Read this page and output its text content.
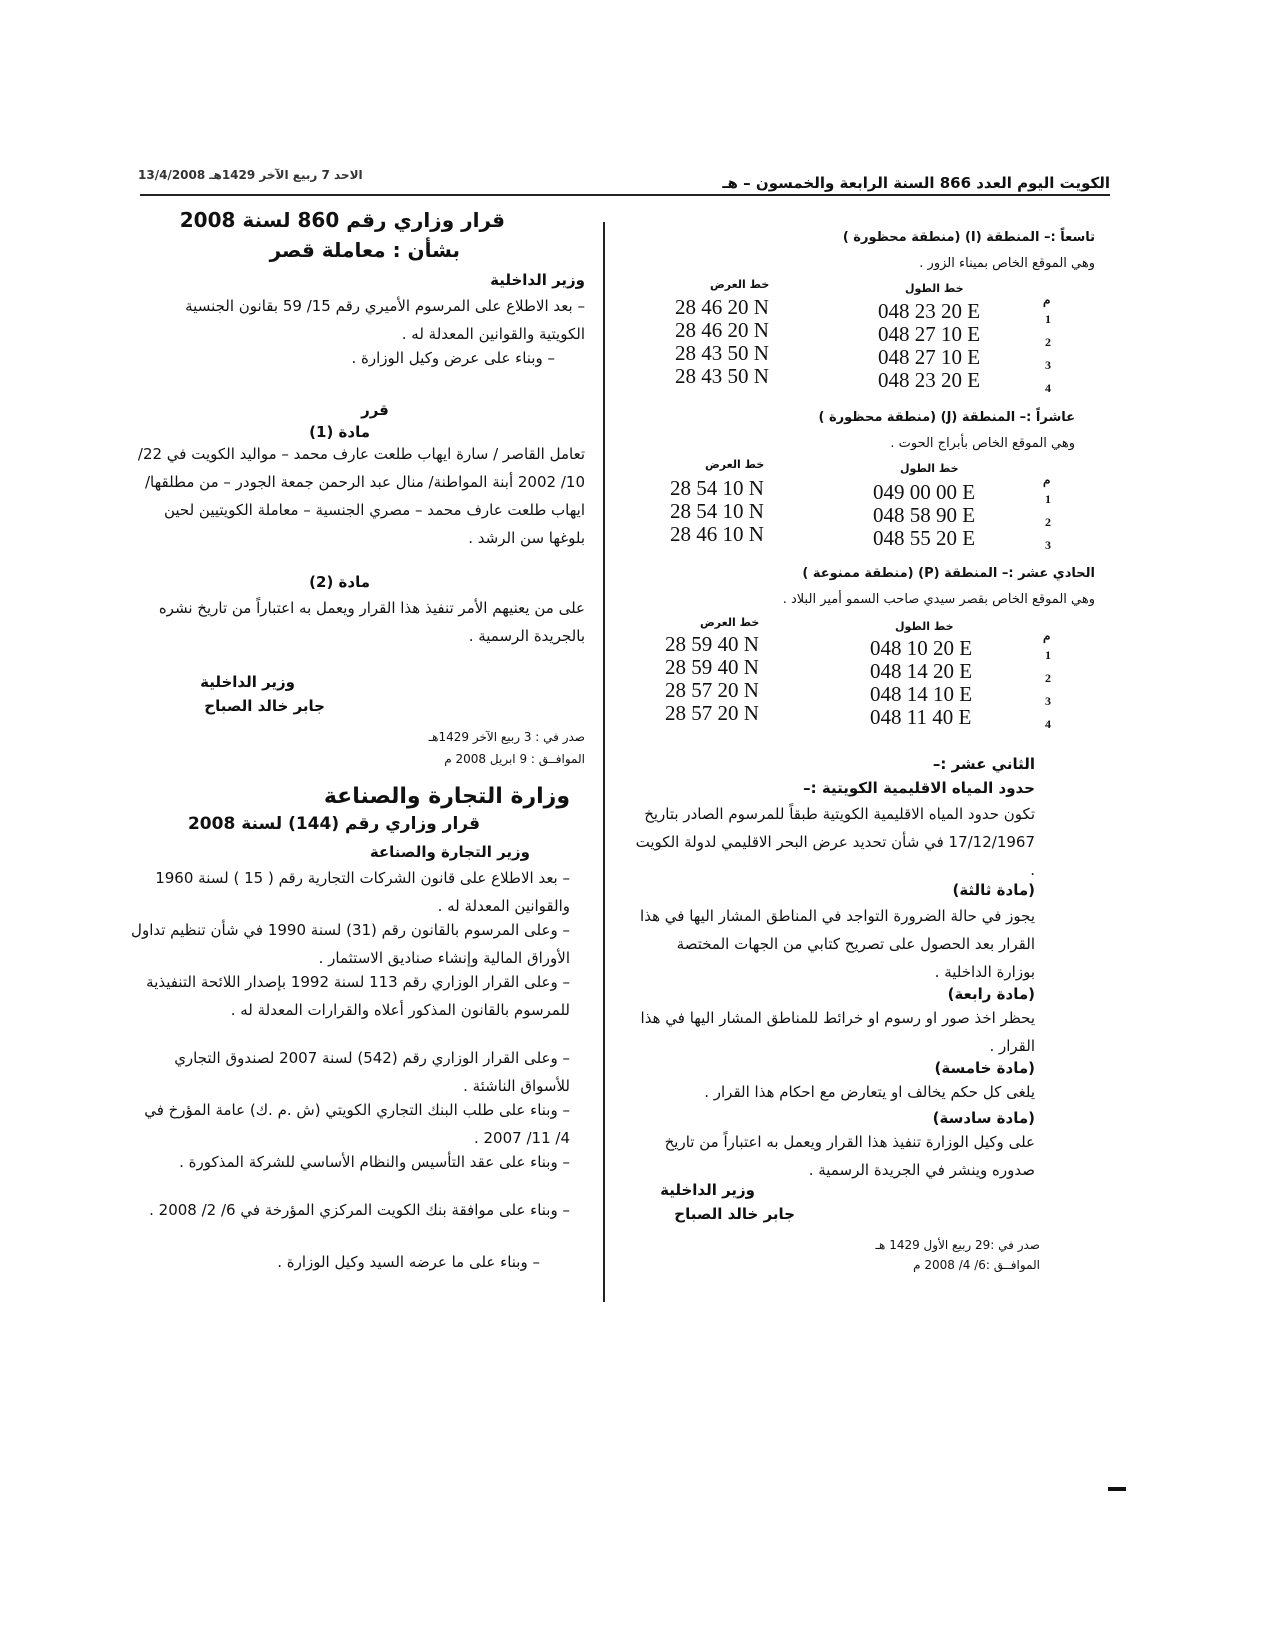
الكويت اليوم العدد 866 السنة الرابعة والخمسون – هـ
الاحد 7 ربيع الآخر 1429هـ 13/4/2008
تاسعاً :– المنطقة (I) (منطقة محظورة )
وهي الموقع الخاص بميناء الزور .
م
خط الطول
خط العرض
1
048 23 20 E
28 46 20 N
2
048 27 10 E
28 46 20 N
3
048 27 10 E
28 43 50 N
4
048 23 20 E
28 43 50 N
عاشراً :– المنطقة (J) (منطقة محظورة )
وهي الموقع الخاص بأبراج الحوت .
م
خط الطول
خط العرض
1
049 00 00 E
28 54 10 N
2
048 58 90 E
28 54 10 N
3
048 55 20 E
28 46 10 N
الحادي عشر :– المنطقة (P) (منطقة ممنوعة )
وهي الموقع الخاص بقصر سيدي صاحب السمو أمير البلاد .
م
خط الطول
خط العرض
1
048 10 20 E
28 59 40 N
2
048 14 20 E
28 59 40 N
3
048 14 10 E
28 57 20 N
4
048 11 40 E
28 57 20 N
الثاني عشر :–
حدود المياه الاقليمية الكويتية :–
تكون حدود المياه الاقليمية الكويتية طبقاً للمرسوم الصادر بتاريخ 17/12/1967 في شأن تحديد عرض البحر الاقليمي لدولة الكويت .
(مادة ثالثة)
يجوز في حالة الضرورة التواجد في المناطق المشار اليها في هذا القرار بعد الحصول على تصريح كتابي من الجهات المختصة بوزارة الداخلية .
(مادة رابعة)
يحظر اخذ صور او رسوم او خرائط للمناطق المشار اليها في هذا القرار .
(مادة خامسة)
يلغى كل حكم يخالف او يتعارض مع احكام هذا القرار .
(مادة سادسة)
على وكيل الوزارة تنفيذ هذا القرار ويعمل به اعتباراً من تاريخ صدوره وينشر في الجريدة الرسمية .
وزير الداخلية
جابر خالد الصباح
صدر في :29 ربيع الأول 1429 هـ
الموافــق :6/ 4/ 2008 م
قرار وزاري رقم 860 لسنة 2008
بشأن : معاملة قصر
وزير الداخلية
– بعد الاطلاع على المرسوم الأميري رقم 15/ 59 بقانون الجنسية الكويتية والقوانين المعدلة له .
– وبناء على عرض وكيل الوزارة .
قرر
مادة (1)
تعامل القاصر / سارة ايهاب طلعت عارف محمد – مواليد الكويت في 22/ 10/ 2002 أبنة المواطنة/ منال عبد الرحمن جمعة الجودر – من مطلقها/ ايهاب طلعت عارف محمد – مصري الجنسية – معاملة الكويتيين لحين بلوغها سن الرشد .
مادة (2)
على من يعنيهم الأمر تنفيذ هذا القرار ويعمل به اعتباراً من تاريخ نشره بالجريدة الرسمية .
وزير الداخلية
جابر خالد الصباح
صدر في : 3 ربيع الآخر 1429هـ
الموافــق : 9 ابريل 2008 م
وزارة التجارة والصناعة
قرار وزاري رقم (144) لسنة 2008
وزير التجارة والصناعة
– بعد الاطلاع على قانون الشركات التجارية رقم ( 15 ) لسنة 1960 والقوانين المعدلة له .
– وعلى المرسوم بالقانون رقم (31) لسنة 1990 في شأن تنظيم تداول الأوراق المالية وإنشاء صناديق الاستثمار .
– وعلى القرار الوزاري رقم 113 لسنة 1992 بإصدار اللائحة التنفيذية للمرسوم بالقانون المذكور أعلاه والقرارات المعدلة له .
– وعلى القرار الوزاري رقم (542) لسنة 2007 لصندوق التجاري للأسواق الناشئة .
– وبناء على طلب البنك التجاري الكويتي (ش .م .ك) عامة المؤرخ في 4/ 11/ 2007 .
– وبناء على عقد التأسيس والنظام الأساسي للشركة المذكورة .
– وبناء على موافقة بنك الكويت المركزي المؤرخة في 6/ 2/ 2008 .
– وبناء على ما عرضه السيد وكيل الوزارة .
